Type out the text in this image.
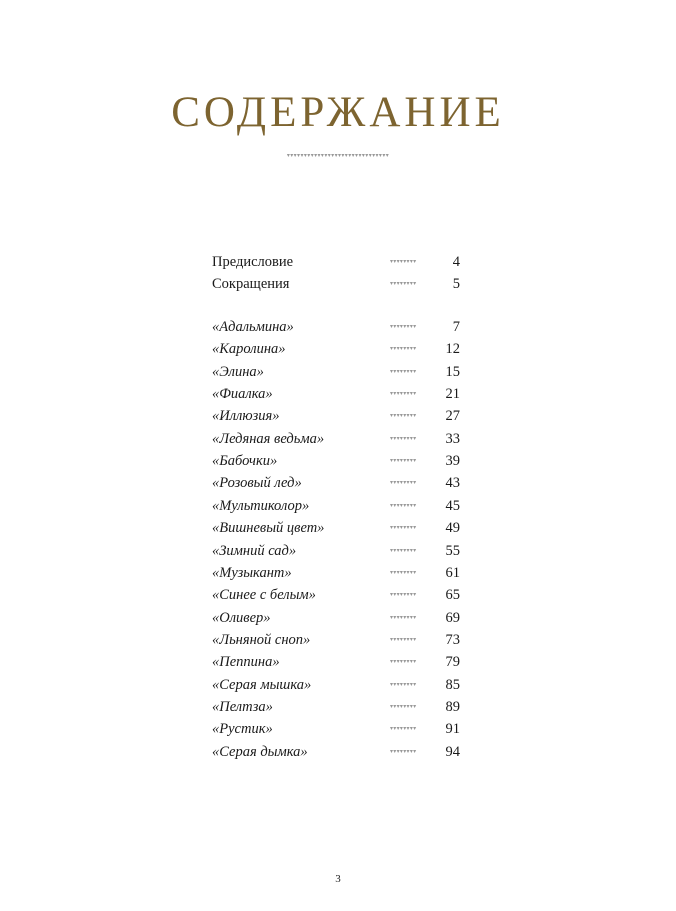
СОДЕРЖАНИЕ
▾▾▾▾▾▾▾▾▾▾▾▾▾▾▾▾▾▾▾▾▾▾▾▾▾▾▾▾▾▾
Предисловие	▾▾▾▾▾▾▾▾	4
Сокращения	▾▾▾▾▾▾▾▾	5
«Адальмина»	▾▾▾▾▾▾▾▾	7
«Каролина»	▾▾▾▾▾▾▾▾ 12
«Элина»	▾▾▾▾▾▾▾▾ 15
«Фиалка»	▾▾▾▾▾▾▾▾ 21
«Иллюзия»	▾▾▾▾▾▾▾▾ 27
«Ледяная ведьма»	▾▾▾▾▾▾▾▾ 33
«Бабочки»	▾▾▾▾▾▾▾▾ 39
«Розовый лед»	▾▾▾▾▾▾▾▾ 43
«Мультиколор»	▾▾▾▾▾▾▾▾ 45
«Вишневый цвет»	▾▾▾▾▾▾▾▾ 49
«Зимний сад»	▾▾▾▾▾▾▾▾ 55
«Музыкант»	▾▾▾▾▾▾▾▾ 61
«Синее с белым»	▾▾▾▾▾▾▾▾ 65
«Оливер»	▾▾▾▾▾▾▾▾ 69
«Льняной сноп»	▾▾▾▾▾▾▾▾ 73
«Пеппина»	▾▾▾▾▾▾▾▾ 79
«Серая мышка»	▾▾▾▾▾▾▾▾ 85
«Пелтза»	▾▾▾▾▾▾▾▾ 89
«Рустик»	▾▾▾▾▾▾▾▾ 91
«Серая дымка»	▾▾▾▾▾▾▾▾ 94
3
